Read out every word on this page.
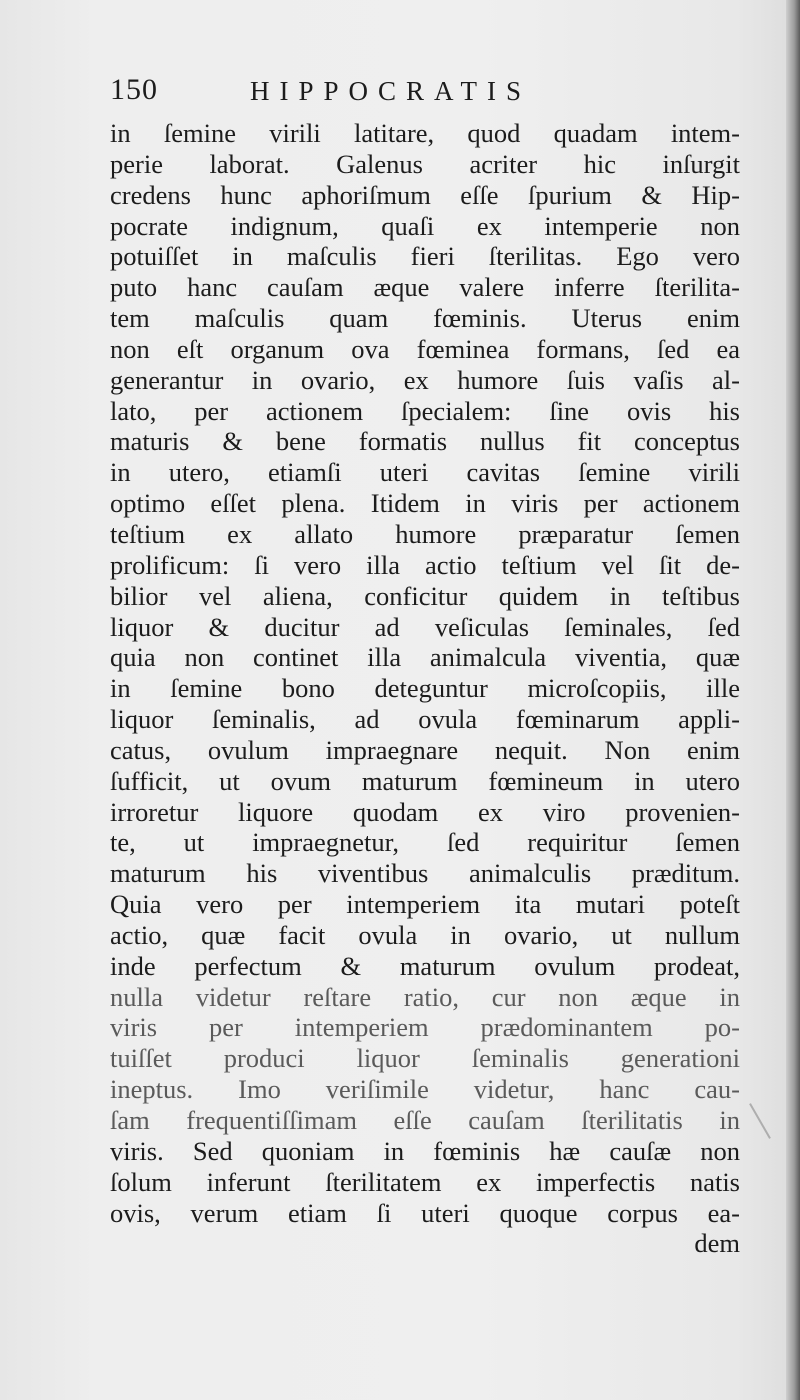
150	HIPPOCRATIS
in ſemine virili latitare, quod quadam intem-
perie laborat. Galenus acriter hic inſurgit
credens hunc aphoriſmum eſſe ſpurium & Hip-
pocrate indignum, quaſi ex intemperie non
potuiſſet in maſculis fieri ſterilitas. Ego vero
puto hanc cauſam æque valere inferre ſterilita-
tem maſculis quam fœminis. Uterus enim
non eſt organum ova fœminea formans, ſed ea
generantur in ovario, ex humore ſuis vaſis al-
lato, per actionem ſpecialem: ſine ovis his
maturis & bene formatis nullus fit conceptus
in utero, etiamſi uteri cavitas ſemine virili
optimo eſſet plena. Itidem in viris per actionem
teſtium ex allato humore præparatur ſemen
prolificum: ſi vero illa actio teſtium vel ſit de-
bilior vel aliena, conficitur quidem in teſtibus
liquor & ducitur ad veſiculas ſeminales, ſed
quia non continet illa animalcula viventia, quæ
in ſemine bono deteguntur microſcopiis, ille
liquor ſeminalis, ad ovula fœminarum appli-
catus, ovulum impraegnare nequit. Non enim
ſufficit, ut ovum maturum fœmineum in utero
irroretur liquore quodam ex viro provenien-
te, ut impraegnetur, ſed requiritur ſemen
maturum his viventibus animalculis præditum.
Quia vero per intemperiem ita mutari poteſt
actio, quæ facit ovula in ovario, ut nullum
inde perfectum & maturum ovulum prodeat,
nulla videtur reſtare ratio, cur non æque in
viris per intemperiem prædominantem po-
tuiſſet produci liquor ſeminalis generationi
ineptus. Imo veriſimile videtur, hanc cau-
ſam frequentiſſimam eſſe cauſam ſterilitatis in
viris. Sed quoniam in fœminis hæ cauſæ non
ſolum inferunt ſterilitatem ex imperfectis natis
ovis, verum etiam ſi uteri quoque corpus ea-
dem
